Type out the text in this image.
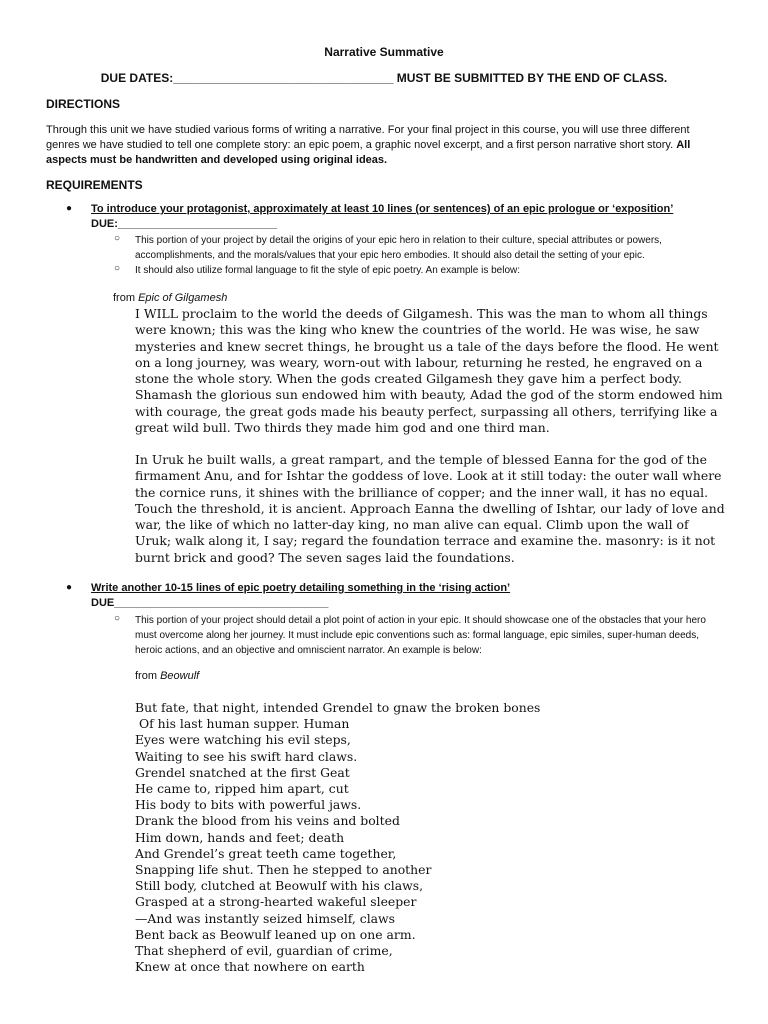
Narrative Summative
DUE DATES:_________________________________ MUST BE SUBMITTED BY THE END OF CLASS.
DIRECTIONS
Through this unit we have studied various forms of writing a narrative. For your final project in this course, you will use three different genres we have studied to tell one complete story: an epic poem, a graphic novel excerpt, and a first person narrative short story. All aspects must be handwritten and developed using original ideas.
REQUIREMENTS
● To introduce your protagonist, approximately at least 10 lines (or sentences) of an epic prologue or ‘exposition’
DUE:__________________________
○ This portion of your project by detail the origins of your epic hero in relation to their culture, special attributes or powers, accomplishments, and the morals/values that your epic hero embodies. It should also detail the setting of your epic.
○ It should also utilize formal language to fit the style of epic poetry. An example is below:
from Epic of Gilgamesh
I WILL proclaim to the world the deeds of Gilgamesh. This was the man to whom all things were known; this was the king who knew the countries of the world. He was wise, he saw mysteries and knew secret things, he brought us a tale of the days before the flood. He went on a long journey, was weary, worn-out with labour, returning he rested, he engraved on a stone the whole story. When the gods created Gilgamesh they gave him a perfect body. Shamash the glorious sun endowed him with beauty, Adad the god of the storm endowed him with courage, the great gods made his beauty perfect, surpassing all others, terrifying like a great wild bull. Two thirds they made him god and one third man.
In Uruk he built walls, a great rampart, and the temple of blessed Eanna for the god of the firmament Anu, and for Ishtar the goddess of love. Look at it still today: the outer wall where the cornice runs, it shines with the brilliance of copper; and the inner wall, it has no equal. Touch the threshold, it is ancient. Approach Eanna the dwelling of Ishtar, our lady of love and war, the like of which no latter-day king, no man alive can equal. Climb upon the wall of Uruk; walk along it, I say; regard the foundation terrace and examine the. masonry: is it not burnt brick and good? The seven sages laid the foundations.
● Write another 10-15 lines of epic poetry detailing something in the ‘rising action’
DUE___________________________________
○ This portion of your project should detail a plot point of action in your epic. It should showcase one of the obstacles that your hero must overcome along her journey. It must include epic conventions such as: formal language, epic similes, super-human deeds, heroic actions, and an objective and omniscient narrator. An example is below:
from Beowulf
But fate, that night, intended Grendel to gnaw the broken bones
Of his last human supper. Human
Eyes were watching his evil steps,
Waiting to see his swift hard claws.
Grendel snatched at the first Geat
He came to, ripped him apart, cut
His body to bits with powerful jaws.
Drank the blood from his veins and bolted
Him down, hands and feet; death
And Grendel’s great teeth came together,
Snapping life shut. Then he stepped to another
Still body, clutched at Beowulf with his claws,
Grasped at a strong-hearted wakeful sleeper
—And was instantly seized himself, claws
Bent back as Beowulf leaned up on one arm.
That shepherd of evil, guardian of crime,
Knew at once that nowhere on earth
